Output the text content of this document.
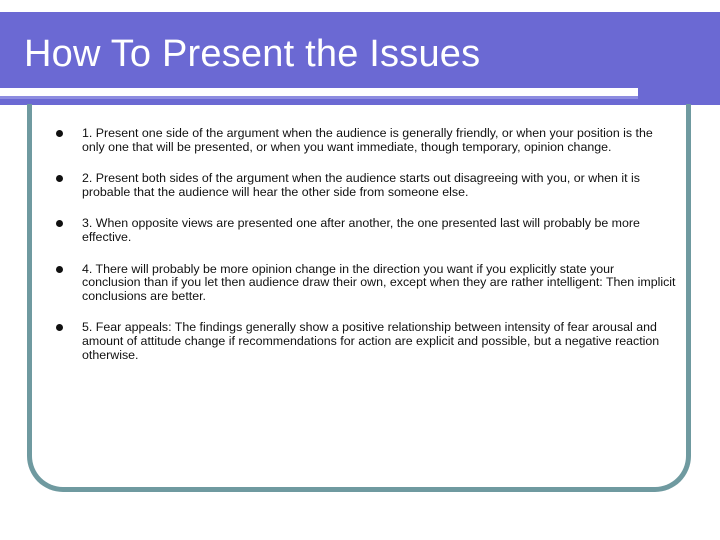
How To Present the Issues
1. Present one side of the argument when the audience is generally friendly, or when your position is the only one that will be presented, or when you want immediate, though temporary, opinion change.
2. Present both sides of the argument when the audience starts out disagreeing with you, or when it is probable that the audience will hear the other side from someone else.
3. When opposite views are presented one after another, the one presented last will probably be more effective.
4. There will probably be more opinion change in the direction you want if you explicitly state your conclusion than if you let then audience draw their own, except when they are rather intelligent: Then implicit conclusions are better.
5. Fear appeals: The findings generally show a positive relationship between intensity of fear arousal and amount of attitude change if recommendations for action are explicit and possible, but a negative reaction otherwise.
